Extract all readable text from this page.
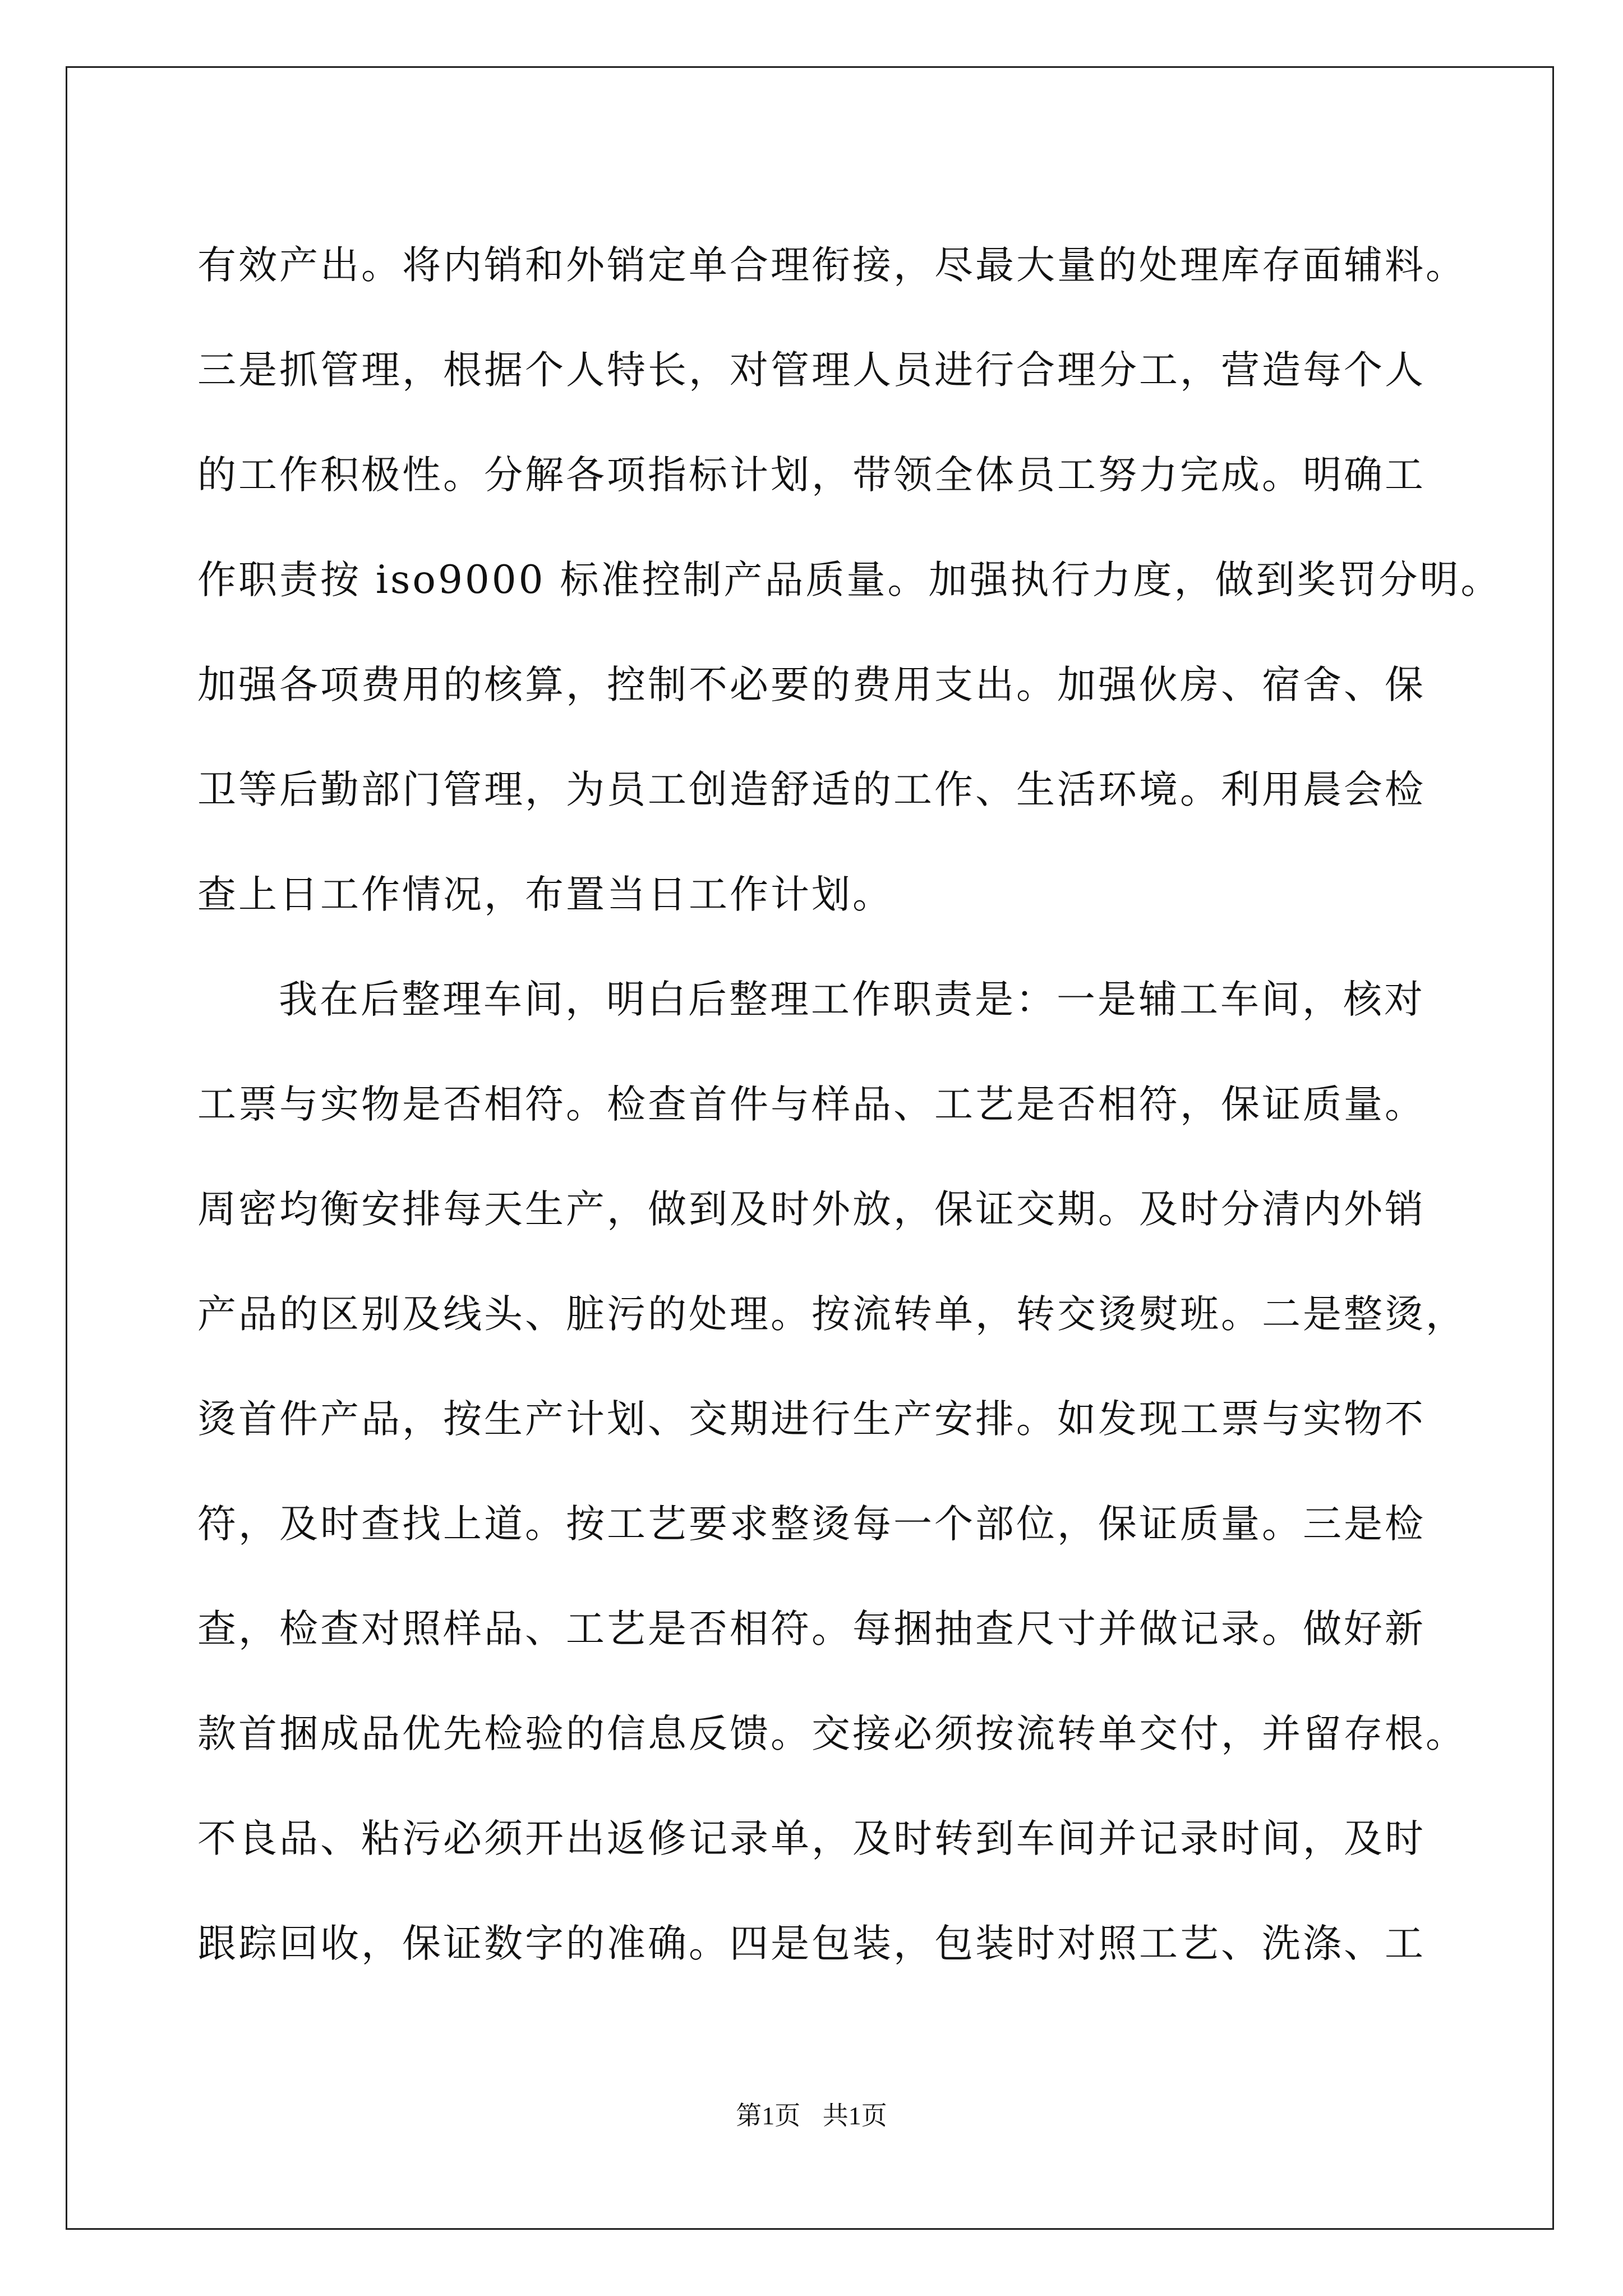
有效产出。将内销和外销定单合理衔接，尽最大量的处理库存面辅料。
三是抓管理，根据个人特长，对管理人员进行合理分工，营造每个人
的工作积极性。分解各项指标计划，带领全体员工努力完成。明确工
作职责按 iso9000 标准控制产品质量。加强执行力度，做到奖罚分明。
加强各项费用的核算，控制不必要的费用支出。加强伙房、宿舍、保
卫等后勤部门管理，为员工创造舒适的工作、生活环境。利用晨会检
查上日工作情况，布置当日工作计划。
我在后整理车间，明白后整理工作职责是：一是辅工车间，核对
工票与实物是否相符。检查首件与样品、工艺是否相符，保证质量。
周密均衡安排每天生产，做到及时外放，保证交期。及时分清内外销
产品的区别及线头、脏污的处理。按流转单，转交烫熨班。二是整烫，
烫首件产品，按生产计划、交期进行生产安排。如发现工票与实物不
符，及时查找上道。按工艺要求整烫每一个部位，保证质量。三是检
查，检查对照样品、工艺是否相符。每捆抽查尺寸并做记录。做好新
款首捆成品优先检验的信息反馈。交接必须按流转单交付，并留存根。
不良品、粘污必须开出返修记录单，及时转到车间并记录时间，及时
跟踪回收，保证数字的准确。四是包装，包装时对照工艺、洗涤、工
第1页 共1页
